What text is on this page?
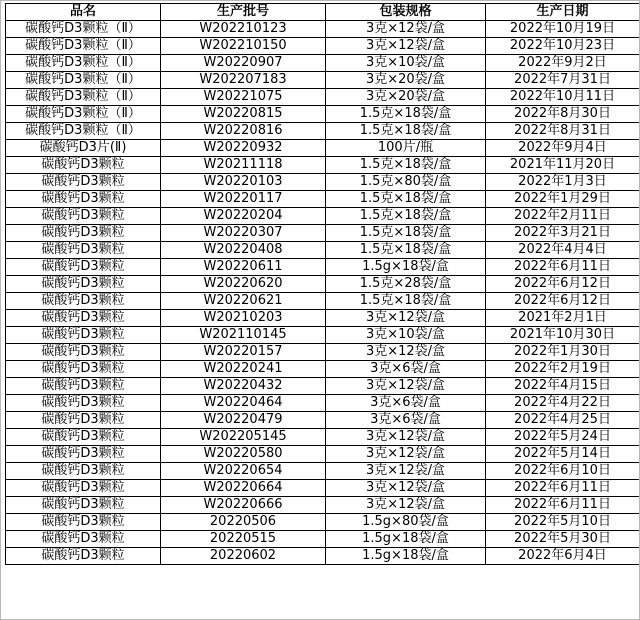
品名	生产批号	包装规格	生产日期
碳酸钙D3颗粒（Ⅱ）	W202210123	3克×12袋/盒	2022年10月19日
碳酸钙D3颗粒（Ⅱ）	W202210150	3克×12袋/盒	2022年10月23日
碳酸钙D3颗粒（Ⅱ）	W20220907	3克×10袋/盒	2022年9月2日
碳酸钙D3颗粒（Ⅱ）	W202207183	3克×20袋/盒	2022年7月31日
碳酸钙D3颗粒（Ⅱ）	W20221075	3克×20袋/盒	2022年10月11日
碳酸钙D3颗粒（Ⅱ）	W20220815	1.5克×18袋/盒	2022年8月30日
碳酸钙D3颗粒（Ⅱ）	W20220816	1.5克×18袋/盒	2022年8月31日
碳酸钙D3片(Ⅱ)	W20220932	100片/瓶	2022年9月4日
碳酸钙D3颗粒	W20211118	1.5克×18袋/盒	2021年11月20日
碳酸钙D3颗粒	W20220103	1.5克×80袋/盒	2022年1月3日
碳酸钙D3颗粒	W20220117	1.5克×18袋/盒	2022年1月29日
碳酸钙D3颗粒	W20220204	1.5克×18袋/盒	2022年2月11日
碳酸钙D3颗粒	W20220307	1.5克×18袋/盒	2022年3月21日
碳酸钙D3颗粒	W20220408	1.5克×18袋/盒	2022年4月4日
碳酸钙D3颗粒	W20220611	1.5g×18袋/盒	2022年6月11日
碳酸钙D3颗粒	W20220620	1.5克×28袋/盒	2022年6月12日
碳酸钙D3颗粒	W20220621	1.5克×18袋/盒	2022年6月12日
碳酸钙D3颗粒	W20210203	3克×12袋/盒	2021年2月1日
碳酸钙D3颗粒	W202110145	3克×10袋/盒	2021年10月30日
碳酸钙D3颗粒	W20220157	3克×12袋/盒	2022年1月30日
碳酸钙D3颗粒	W20220241	3克×6袋/盒	2022年2月19日
碳酸钙D3颗粒	W20220432	3克×12袋/盒	2022年4月15日
碳酸钙D3颗粒	W20220464	3克×6袋/盒	2022年4月22日
碳酸钙D3颗粒	W20220479	3克×6袋/盒	2022年4月25日
碳酸钙D3颗粒	W202205145	3克×12袋/盒	2022年5月24日
碳酸钙D3颗粒	W20220580	3克×12袋/盒	2022年5月14日
碳酸钙D3颗粒	W20220654	3克×12袋/盒	2022年6月10日
碳酸钙D3颗粒	W20220664	3克×12袋/盒	2022年6月11日
碳酸钙D3颗粒	W20220666	3克×12袋/盒	2022年6月11日
碳酸钙D3颗粒	20220506	1.5g×80袋/盒	2022年5月10日
碳酸钙D3颗粒	20220515	1.5g×18袋/盒	2022年5月30日
碳酸钙D3颗粒	20220602	1.5g×18袋/盒	2022年6月4日
